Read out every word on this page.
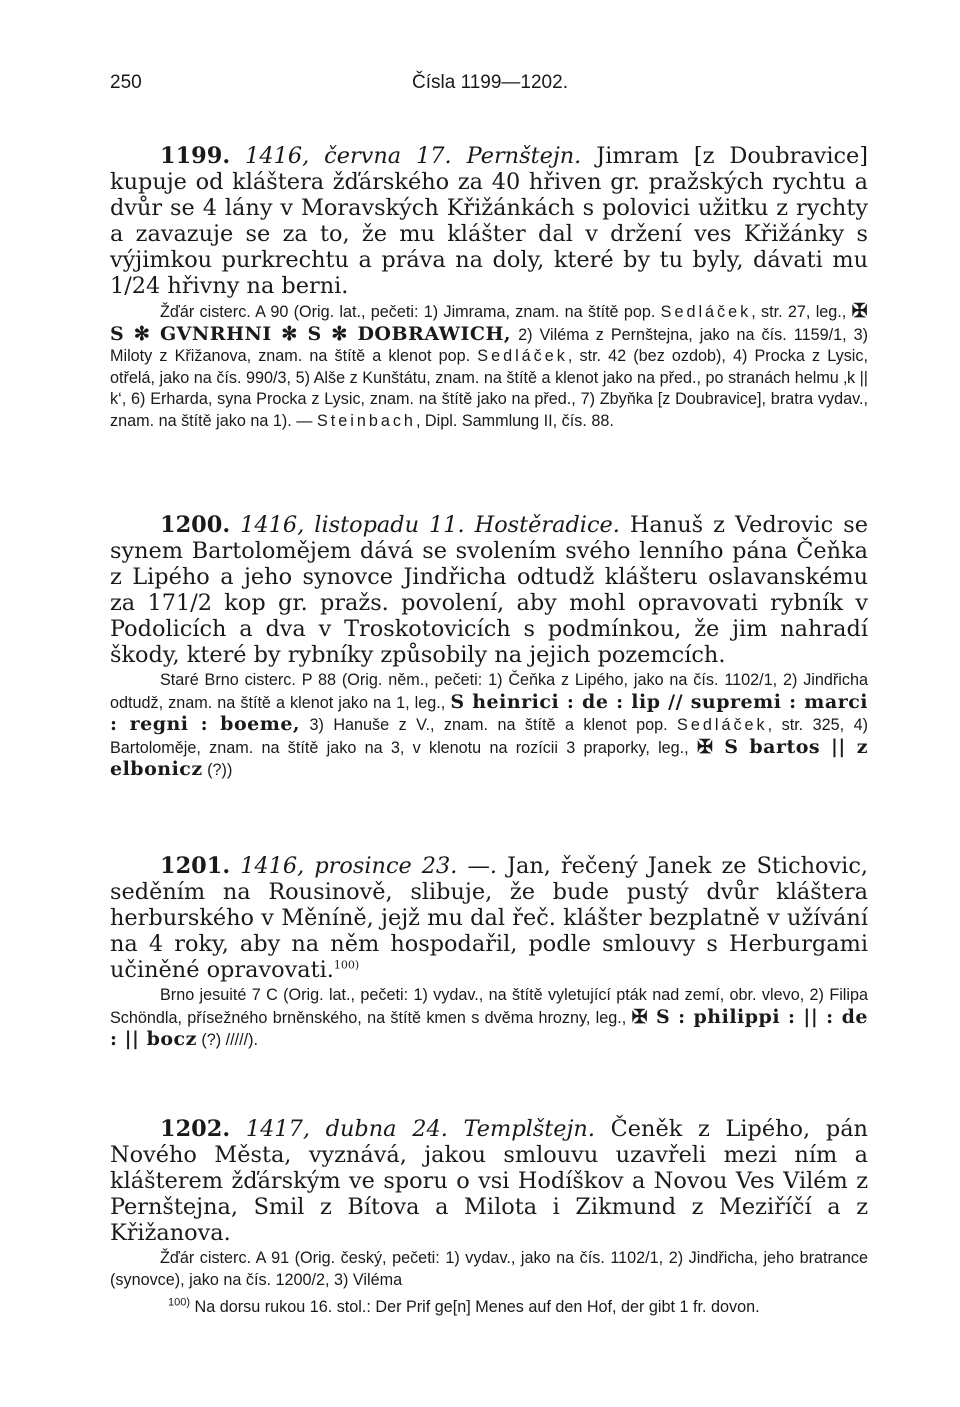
250	Čísla 1199—1202.

1199. 1416, června 17. Pernštejn. Jimram [z Doubravice] kupuje od kláštera žďárského za 40 hřiven gr. pražských rychtu a dvůr se 4 lány v Moravských Křižánkách s polovici užitku z rychty a zavazuje se za to, že mu klášter dal v držení ves Křižánky s výjimkou purkrechtu a práva na doly, které by tu byly, dávati mu 1/24 hřivny na berni.

Žďár cisterc. A 90 (Orig. lat., pečeti: 1) Jimrama, znam. na štítě pop. Sedláček, str. 27, leg., ✠ S ✻ GVNRHNI ✻ S ✻ DOBRAWICH, 2) Viléma z Pernštejna, jako na čís. 1159/1, 3) Miloty z Křižanova, znam. na štítě a klenot pop. Sedláček, str. 42 (bez ozdob), 4) Procka z Lysic, otřelá, jako na čís. 990/3, 5) Alše z Kunštátu, znam. na štítě a klenot jako na před., po stranách helmu ‚k || k‘, 6) Erharda, syna Procka z Lysic, znam. na štítě jako na před., 7) Zbyňka [z Doubravice], bratra vydav., znam. na štítě jako na 1). — Steinbach, Dipl. Sammlung II, čís. 88.

1200. 1416, listopadu 11. Hostěradice. Hanuš z Vedrovic se synem Bartolomějem dává se svolením svého lenního pána Čeňka z Lipého a jeho synovce Jindřicha odtudž klášteru oslavanskému za 171/2 kop gr. pražs. povolení, aby mohl opravovati rybník v Podolicích a dva v Troskotovicích s podmínkou, že jim nahradí škody, které by rybníky způsobily na jejich pozemcích.

Staré Brno cisterc. P 88 (Orig. něm., pečeti: 1) Čeňka z Lipého, jako na čís. 1102/1, 2) Jindřicha odtudž, znam. na štítě a klenot jako na 1, leg., S heinrici : de : lip // supremi : marci : regni : boeme, 3) Hanuše z V., znam. na štítě a klenot pop. Sedláček, str. 325, 4) Bartoloměje, znam. na štítě jako na 3, v klenotu na rozícii 3 praporky, leg., ✠ S bartos || z elbonicz (?))

1201. 1416, prosince 23. —. Jan, řečený Janek ze Stichovic, seděním na Rousinově, slibuje, že bude pustý dvůr kláštera herburského v Měníně, jejž mu dal řeč. klášter bezplatně v užívání na 4 roky, aby na něm hospodařil, podle smlouvy s Herburgami učiněné opravovati.$^{100)}$

Brno jesuité 7 C (Orig. lat., pečeti: 1) vydav., na štítě vyletující pták nad zemí, obr. vlevo, 2) Filipa Schöndla, přísežného brněnského, na štítě kmen s dvěma hrozny, leg., ✠ S : philippi : || : de : || bocz (?) /////).

1202. 1417, dubna 24. Templštejn. Čeněk z Lipého, pán Nového Města, vyznává, jakou smlouvu uzavřeli mezi ním a klášterem žďárským ve sporu o vsi Hodíškov a Novou Ves Vilém z Pernštejna, Smil z Bítova a Milota i Zikmund z Meziříčí a z Křižanova.

Žďár cisterc. A 91 (Orig. český, pečeti: 1) vydav., jako na čís. 1102/1, 2) Jindřicha, jeho bratrance (synovce), jako na čís. 1200/2, 3) Viléma

$^{100)}$ Na dorsu rukou 16. stol.: Der Prif ge[n] Menes auf den Hof, der gibt 1 fr. dovon.
